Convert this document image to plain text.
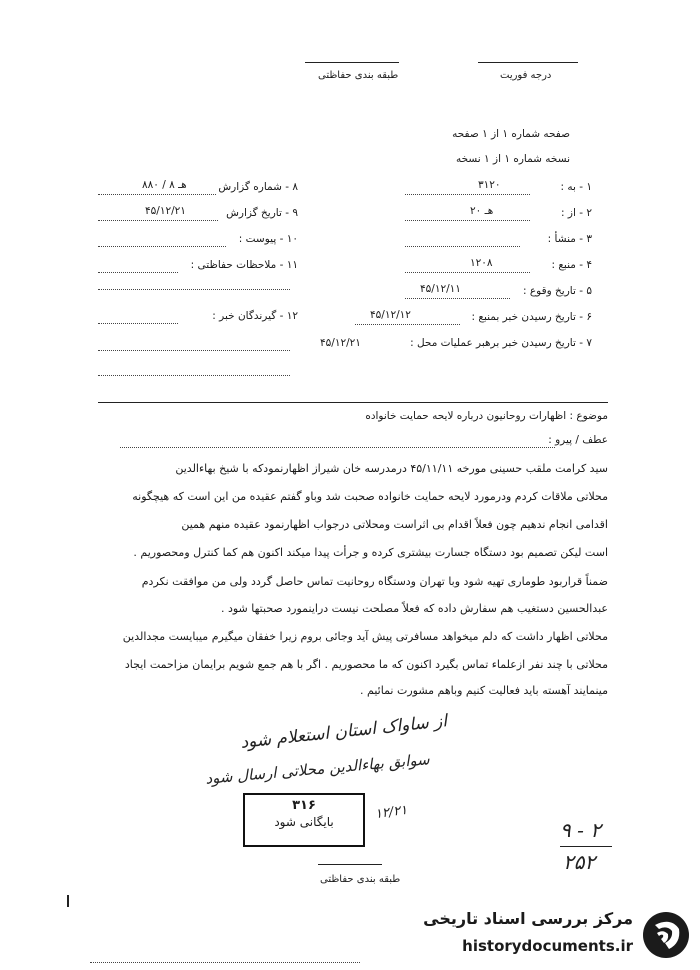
طبقه بندی حفاظتی	درجه فوریت
صفحه شماره ۱ از ۱ صفحه
نسخه شماره ۱ از ۱ نسخه
۱ - به :
۳۱۲۰
۲ - از :
۲۰ هـ
۳ - منشأ :
۴ - منبع :
۱۲۰۸
۵ - تاریخ وقوع :
۴۵/۱۲/۱۱
۶ - تاریخ رسیدن خبر بمنبع :
۴۵/۱۲/۱۲
۷ - تاریخ رسیدن خبر برهبر عملیات محل :
۴۵/۱۲/۲۱
۸ - شماره گزارش
۸۸۰ / ۸ هـ
۹ - تاریخ گزارش
۴۵/۱۲/۲۱
۱۰ - پیوست :
۱۱ - ملاحظات حفاظتی :
۱۲ - گیرندگان خبر :
موضوع : اظهارات روحانیون درباره لایحه حمایت خانواده
عطف / پیرو :
سید کرامت ملقب حسینی مورخه ۴۵/۱۱/۱۱ درمدرسه خان شیراز اظهارنمودکه با شیخ بهاءالدین
محلاتی ملاقات کردم ودرمورد لایحه حمایت خانواده صحبت شد وباو گفتم عقیده من این است که هیچگونه
اقدامی انجام ندهیم چون فعلاً اقدام بی اثراست ومحلاتی درجواب اظهارنمود عقیده منهم همین
است لیکن تصمیم بود دستگاه جسارت بیشتری کرده و جرأت پیدا میکند اکنون هم کما کنترل ومحصوریم .
ضمناً قراربود طوماری تهیه شود وبا تهران ودستگاه روحانیت تماس حاصل گردد ولی من موافقت نکردم
عبدالحسین دستغیب هم سفارش داده که فعلاً مصلحت نیست دراینمورد صحبتها شود .
محلاتی اظهار داشت که دلم میخواهد مسافرتی پیش آید وجائی بروم زیرا خفقان میگیرم میبایست مجدالدین
محلاتی با چند نفر ازعلماء تماس بگیرد اکنون که ما محصوریم . اگر با هم جمع شویم برایمان مزاحمت ایجاد
مینمایند آهسته باید فعالیت کنیم وباهم مشورت نمائیم .
از ساواک استان استعلام شود
سوابق بهاءالدین محلاتی ارسال شود
۱۲/۲۱
۳۱۶
بایگانی شود	۹ - ۲
۲۵۲
طبقه بندی حفاظتی
مرکز بررسی اسناد تاریخی
historydocuments.ir
